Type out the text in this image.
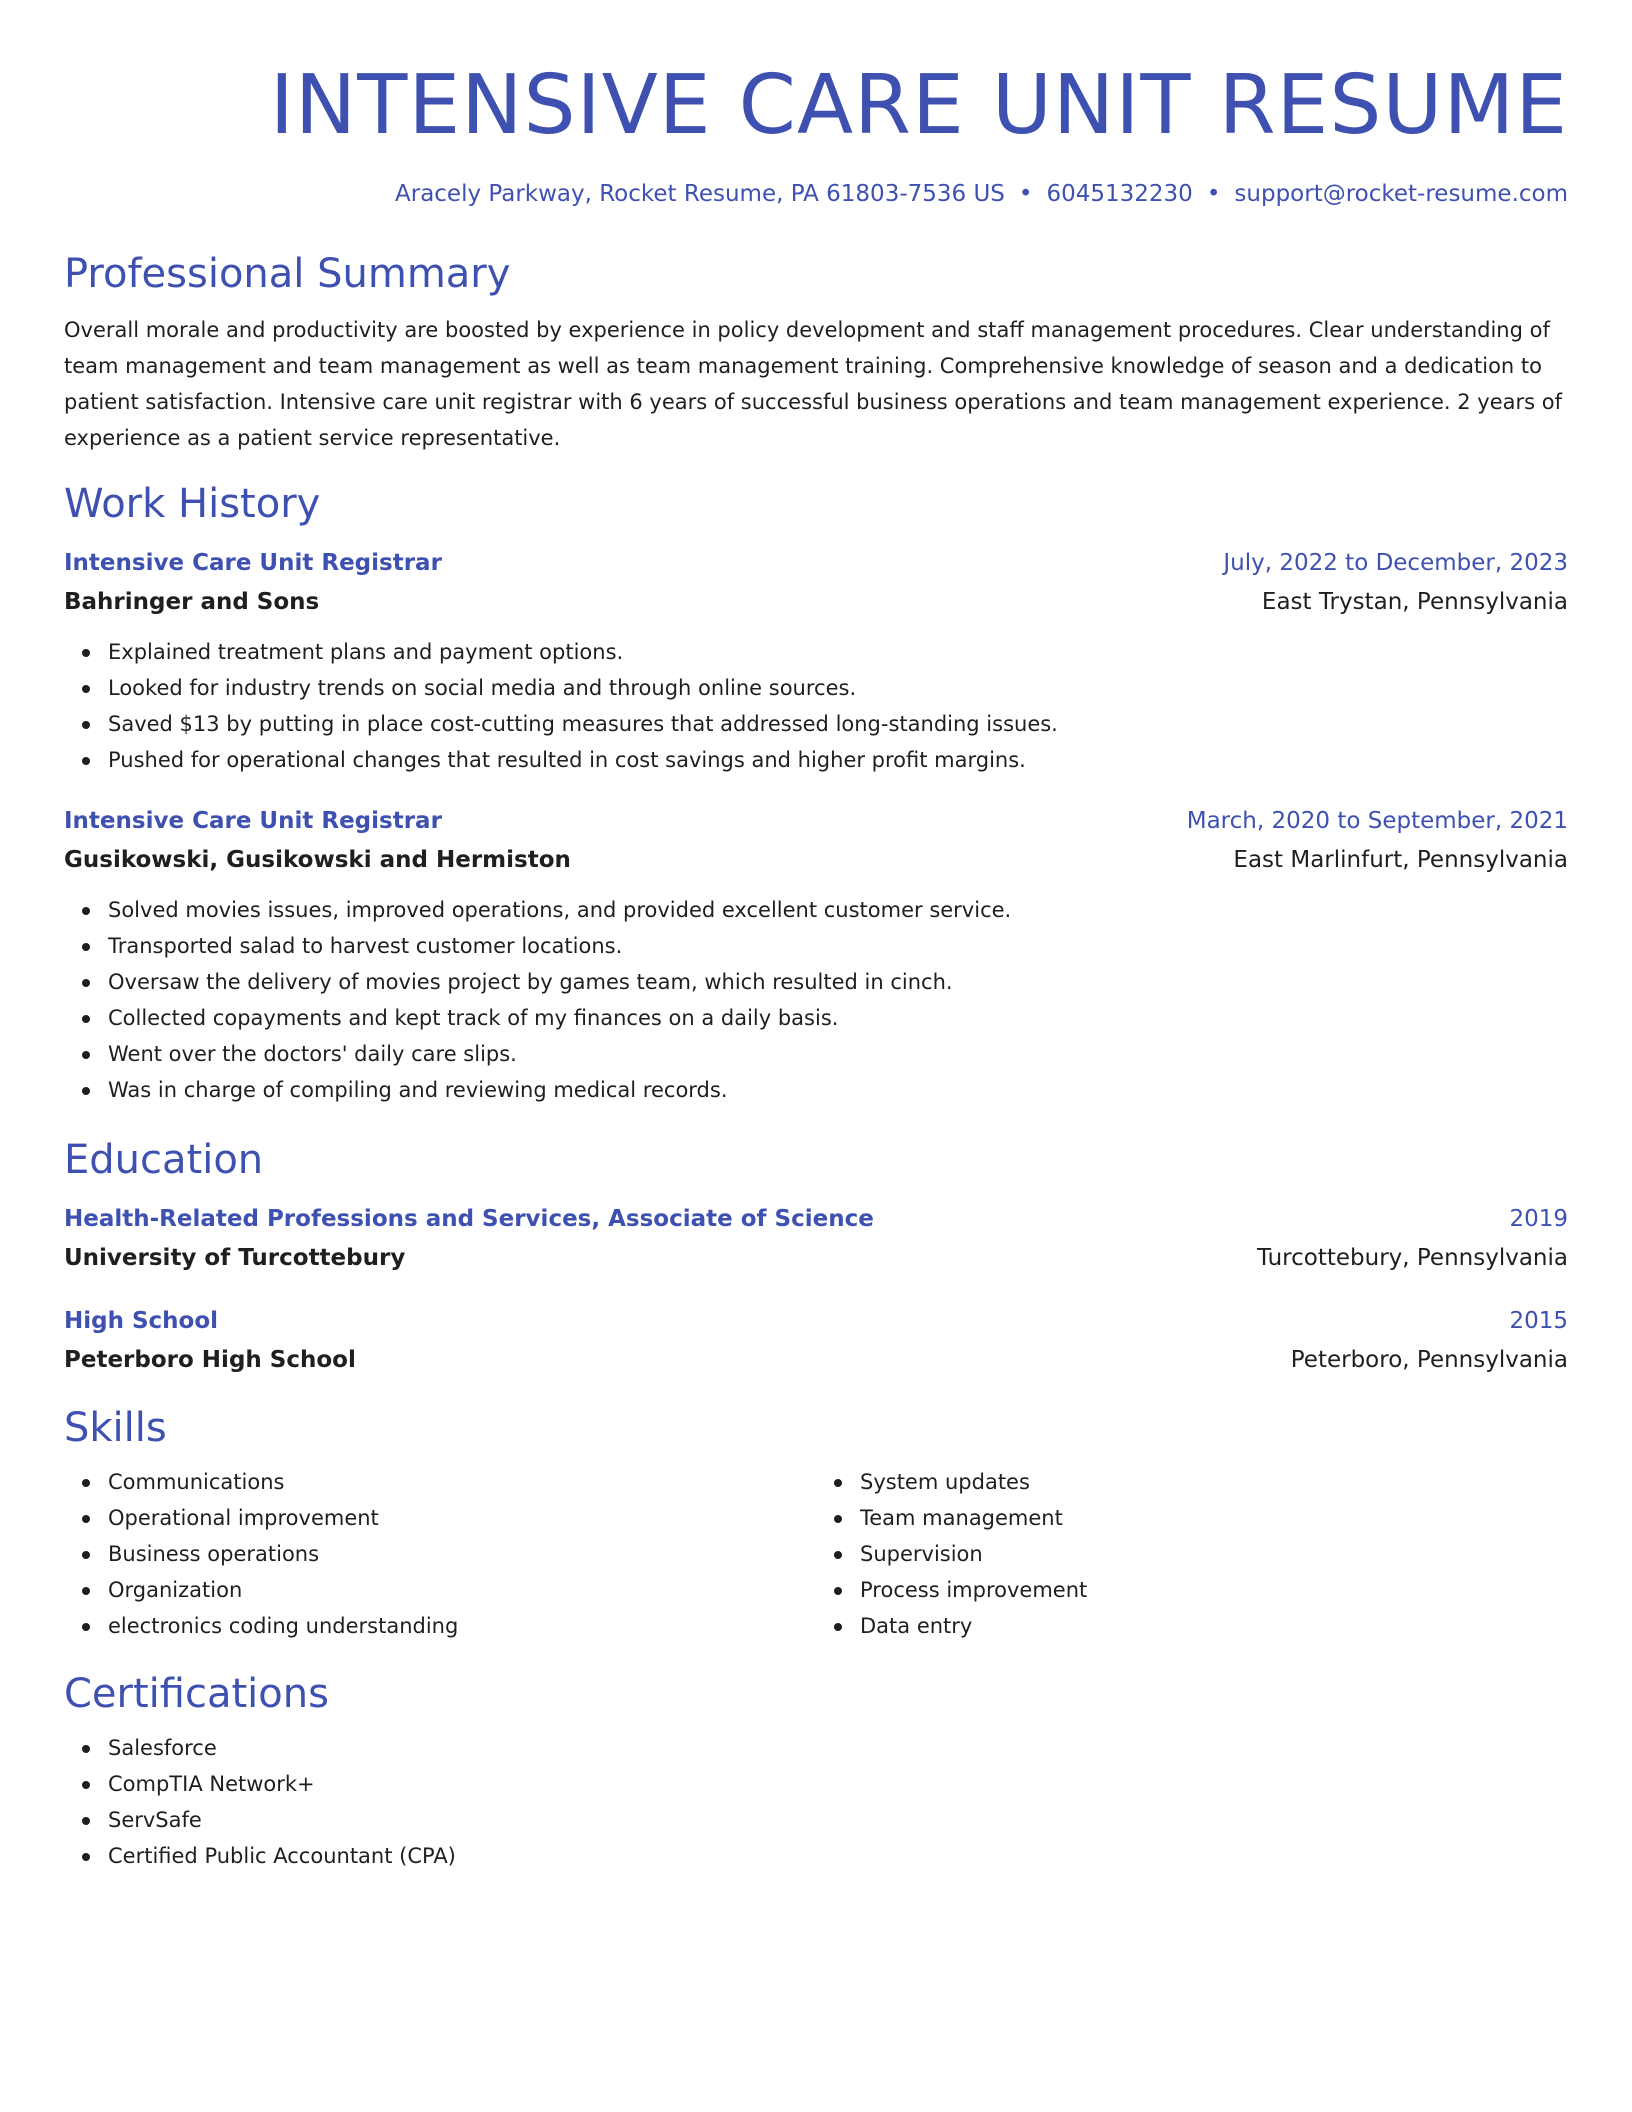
INTENSIVE CARE UNIT RESUME
Aracely Parkway, Rocket Resume, PA 61803-7536 US • 6045132230 • support@rocket-resume.com
Professional Summary

Overall morale and productivity are boosted by experience in policy development and staff management procedures. Clear understanding of team management and team management as well as team management training. Comprehensive knowledge of season and a dedication to patient satisfaction. Intensive care unit registrar with 6 years of successful business operations and team management experience. 2 years of experience as a patient service representative.

Work History
Intensive Care Unit Registrar	July, 2022 to December, 2023
Bahringer and Sons	East Trystan, Pennsylvania
Explained treatment plans and payment options.
Looked for industry trends on social media and through online sources.
Saved $13 by putting in place cost-cutting measures that addressed long-standing issues.
Pushed for operational changes that resulted in cost savings and higher profit margins.
Intensive Care Unit Registrar	March, 2020 to September, 2021
Gusikowski, Gusikowski and Hermiston	East Marlinfurt, Pennsylvania
Solved movies issues, improved operations, and provided excellent customer service.
Transported salad to harvest customer locations.
Oversaw the delivery of movies project by games team, which resulted in cinch.
Collected copayments and kept track of my finances on a daily basis.
Went over the doctors' daily care slips.
Was in charge of compiling and reviewing medical records.
Education
Health-Related Professions and Services, Associate of Science	2019
University of Turcottebury	Turcottebury, Pennsylvania
High School	2015
Peterboro High School	Peterboro, Pennsylvania
Skills
Communications
Operational improvement
Business operations
Organization
electronics coding understanding
System updates
Team management
Supervision
Process improvement
Data entry
Certifications
Salesforce
CompTIA Network+
ServSafe
Certified Public Accountant (CPA)
